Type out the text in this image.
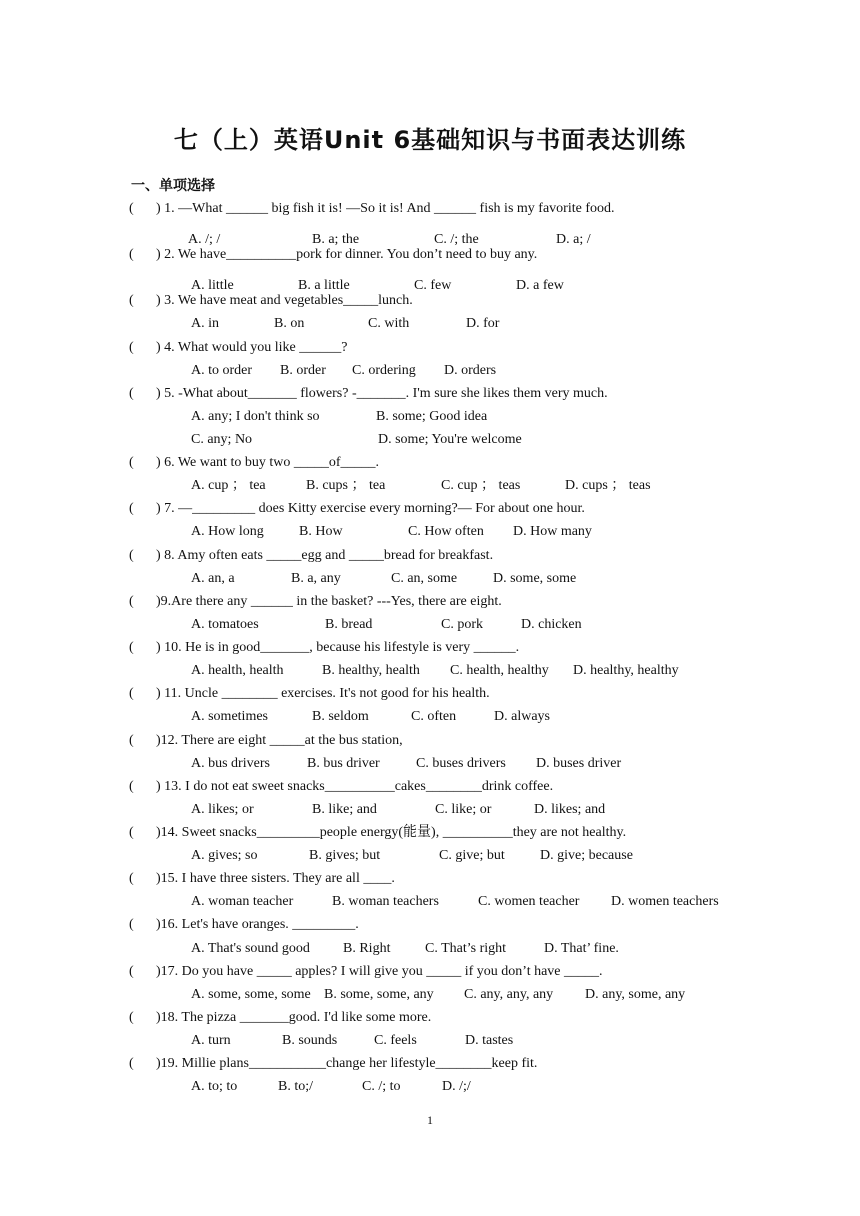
七（上）英语Unit 6基础知识与书面表达训练
一、单项选择
( ) 1. —What ______ big fish it is! —So it is! And ______ fish is my favorite food.
A. /; /	B. a; the	C. /; the	D. a; /
( ) 2. We have__________pork for dinner. You don’t need to buy any.
A. little	B. a little	C. few	D. a few
( ) 3. We have meat and vegetables_____lunch.
A. in	B. on	C. with	D. for
( ) 4. What would you like ______?
A. to order B. order C. ordering D. orders
( ) 5. -What about_______ flowers? -_______. I'm sure she likes them very much.
A. any; I don't think so	B. some; Good idea
C. any; No	D. some; You're welcome
( ) 6. We want to buy two _____of_____.
A. cup ； tea	B. cups ； tea	C. cup ； teas	D. cups ； teas
( ) 7. —_________ does Kitty exercise every morning?— For about one hour.
A. How long	B. How	C. How often D. How many
( ) 8. Amy often eats _____egg and _____bread for breakfast.
A. an, a	B. a, any	C. an, some	D. some, some
( )9.Are there any ______ in the basket? ---Yes, there are eight.
A. tomatoes	B. bread	C. pork	D. chicken
( ) 10. He is in good_______, because his lifestyle is very ______.
A. health, health	B. healthy, health C. health, healthy D. healthy, healthy
( ) 11. Uncle ________ exercises. It's not good for his health.
A. sometimes	B. seldom	C. often	D. always
( )12. There are eight _____at the bus station,
A. bus drivers	B. bus driver	C. buses drivers D. buses driver
( ) 13. I do not eat sweet snacks__________cakes________drink coffee.
A. likes; or	B. like; and	C. like; or	D. likes; and
( )14. Sweet snacks_________people energy(能量), __________they are not healthy.
A. gives; so	B. gives; but	C. give; but	D. give; because
( )15. I have three sisters. They are all ____.
A. woman teacher	B. woman teachers	C. women teacher D. women teachers
( )16. Let's have oranges. _________.
A. That's sound good B. Right C. That’s right	D. That’ fine.
( )17. Do you have _____ apples? I will give you _____ if you don’t have _____.
A. some, some, some B. some, some, any C. any, any, any D. any, some, any
( )18. The pizza _______good. I'd like some more.
A. turn	B. sounds	C. feels	D. tastes
( )19. Millie plans___________change her lifestyle________keep fit.
A. to; to	B. to;/	C. /; to	D. /;/
1
